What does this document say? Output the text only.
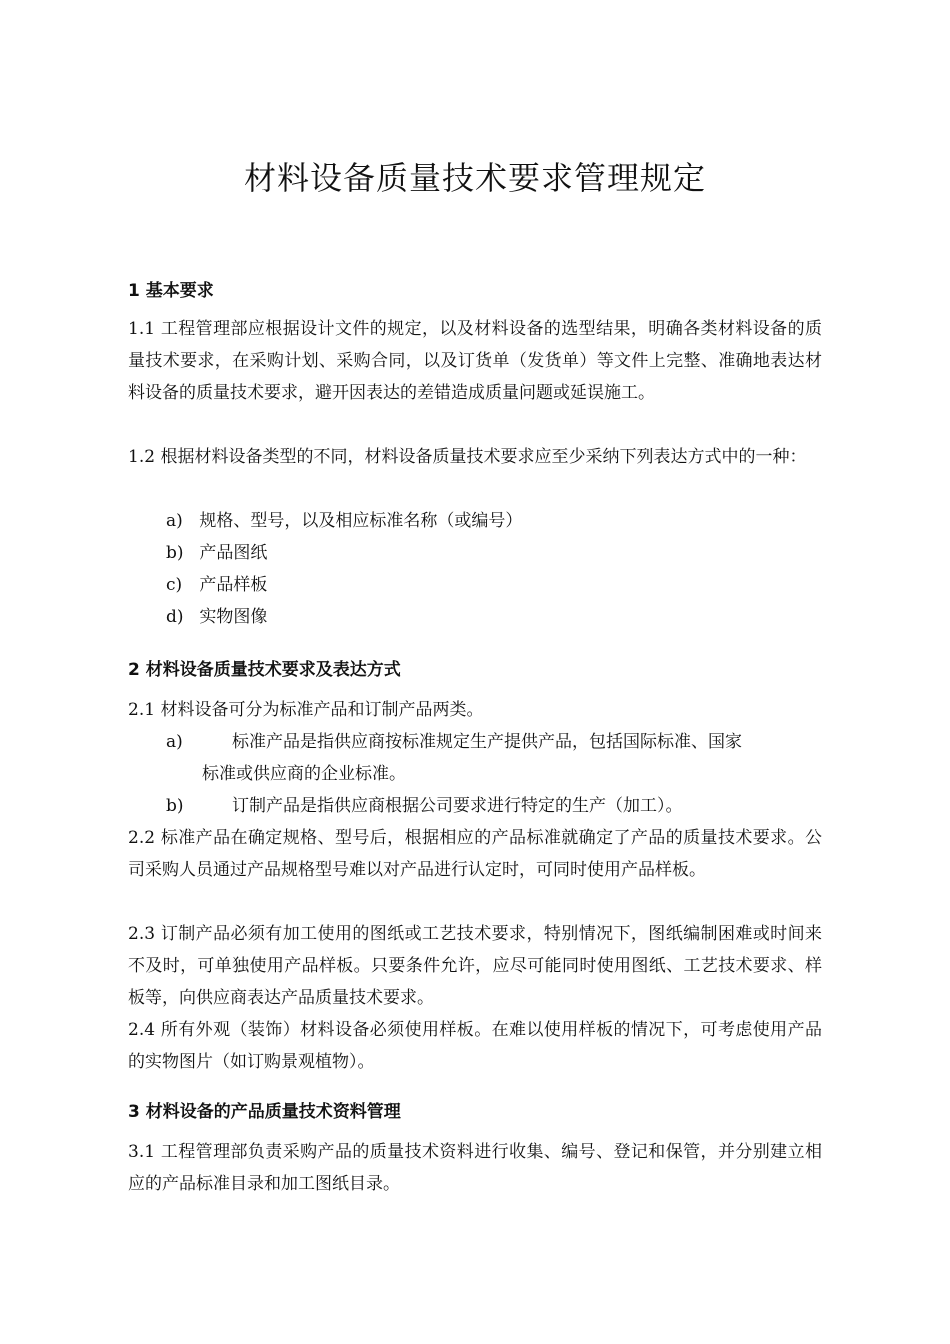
材料设备质量技术要求管理规定
1 基本要求
1.1 工程管理部应根据设计文件的规定，以及材料设备的选型结果，明确各类材料设备的质量技术要求，在采购计划、采购合同，以及订货单（发货单）等文件上完整、准确地表达材料设备的质量技术要求，避开因表达的差错造成质量问题或延误施工。
1.2 根据材料设备类型的不同，材料设备质量技术要求应至少采纳下列表达方式中的一种：
a) 规格、型号，以及相应标准名称（或编号）
b) 产品图纸
c) 产品样板
d) 实物图像
2 材料设备质量技术要求及表达方式
2.1 材料设备可分为标准产品和订制产品两类。
a)	标准产品是指供应商按标准规定生产提供产品，包括国际标准、国家
标准或供应商的企业标准。
b)	订制产品是指供应商根据公司要求进行特定的生产（加工）。
2.2 标准产品在确定规格、型号后，根据相应的产品标准就确定了产品的质量技术要求。公司采购人员通过产品规格型号难以对产品进行认定时，可同时使用产品样板。
2.3 订制产品必须有加工使用的图纸或工艺技术要求，特别情况下，图纸编制困难或时间来不及时，可单独使用产品样板。只要条件允许，应尽可能同时使用图纸、工艺技术要求、样板等，向供应商表达产品质量技术要求。
2.4 所有外观（装饰）材料设备必须使用样板。在难以使用样板的情况下，可考虑使用产品的实物图片（如订购景观植物）。
3 材料设备的产品质量技术资料管理
3.1 工程管理部负责采购产品的质量技术资料进行收集、编号、登记和保管，并分别建立相应的产品标准目录和加工图纸目录。
